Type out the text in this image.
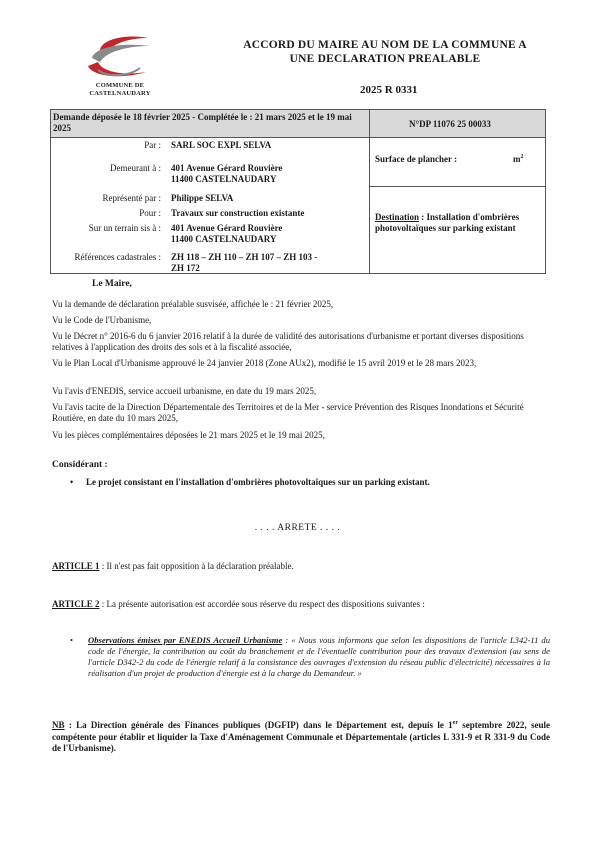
COMMUNE DE
CASTELNAUDARY
ACCORD DU MAIRE AU NOM DE LA COMMUNE A
UNE DECLARATION PREALABLE
2025 R 0331
Demande déposée le 18 février 2025 - Complétée le : 21 mars 2025 et le 19 mai 2025	N°DP 11076 25 00033
Par : SARL SOC EXPL SELVA
Demeurant à : 401 Avenue Gérard Rouvière
11400 CASTELNAUDARY
Représenté par : Philippe SELVA
Pour : Travaux sur construction existante
Sur un terrain sis à : 401 Avenue Gérard Rouvière
11400 CASTELNAUDARY
Références cadastrales : ZH 118 – ZH 110 – ZH 107 – ZH 103 -
ZH 172
Surface de plancher :	$m^2$
Destination : Installation d'ombrières photovoltaïques sur parking existant
Le Maire,
Vu la demande de déclaration préalable susvisée, affichée le : 21 février 2025,
Vu le Code de l'Urbanisme,
Vu le Décret n° 2016-6 du 6 janvier 2016 relatif à la durée de validité des autorisations d'urbanisme et portant diverses dispositions relatives à l'application des droits des sols et à la fiscalité associée,
Vu le Plan Local d'Urbanisme approuvé le 24 janvier 2018 (Zone AUx2), modifié le 15 avril 2019 et le 28 mars 2023,
Vu l'avis d'ENEDIS, service accueil urbanisme, en date du 19 mars 2025,
Vu l'avis tacite de la Direction Départementale des Territoires et de la Mer - service Prévention des Risques Inondations et Sécurité Routière, en date du 10 mars 2025,
Vu les pièces complémentaires déposées le 21 mars 2025 et le 19 mai 2025,
Considérant :
• Le projet consistant en l'installation d'ombrières photovoltaïques sur un parking existant.
. . . . ARRETE . . . .
ARTICLE 1 : Il n'est pas fait opposition à la déclaration préalable.
ARTICLE 2 : La présente autorisation est accordée sous réserve du respect des dispositions suivantes :
• Observations émises par ENEDIS Accueil Urbanisme : « Nous vous informons que selon les dispositions de l'article L342-11 du code de l'énergie, la contribution au coût du branchement et de l'éventuelle contribution pour des travaux d'extension (au sens de l'article D342-2 du code de l'énergie relatif à la consistance des ouvrages d'extension du réseau public d'électricité) nécessaires à la réalisation d'un projet de production d'énergie est à la charge du Demandeur. »
NB : La Direction générale des Finances publiques (DGFIP) dans le Département est, depuis le 1er septembre 2022, seule compétente pour établir et liquider la Taxe d'Aménagement Communale et Départementale (articles L 331-9 et R 331-9 du Code de l'Urbanisme).
